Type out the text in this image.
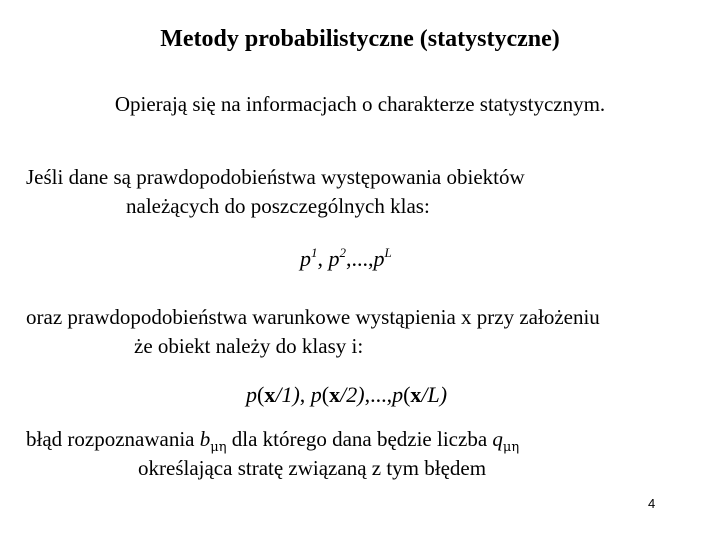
Metody probabilistyczne (statystyczne)
Opierają się na informacjach o charakterze statystycznym.
Jeśli dane są prawdopodobieństwa występowania obiektów
należących do poszczególnych klas:
$p^1$, $p^2,...,p^L$
oraz prawdopodobieństwa warunkowe wystąpienia x przy założeniu
że obiekt należy do klasy i:
p(x/1), p(x/2),...,p(x/L)
błąd rozpoznawania $b_{\mu\eta}$ dla którego dana będzie liczba $q_{\mu\eta}$
określająca stratę związaną z tym błędem
4
